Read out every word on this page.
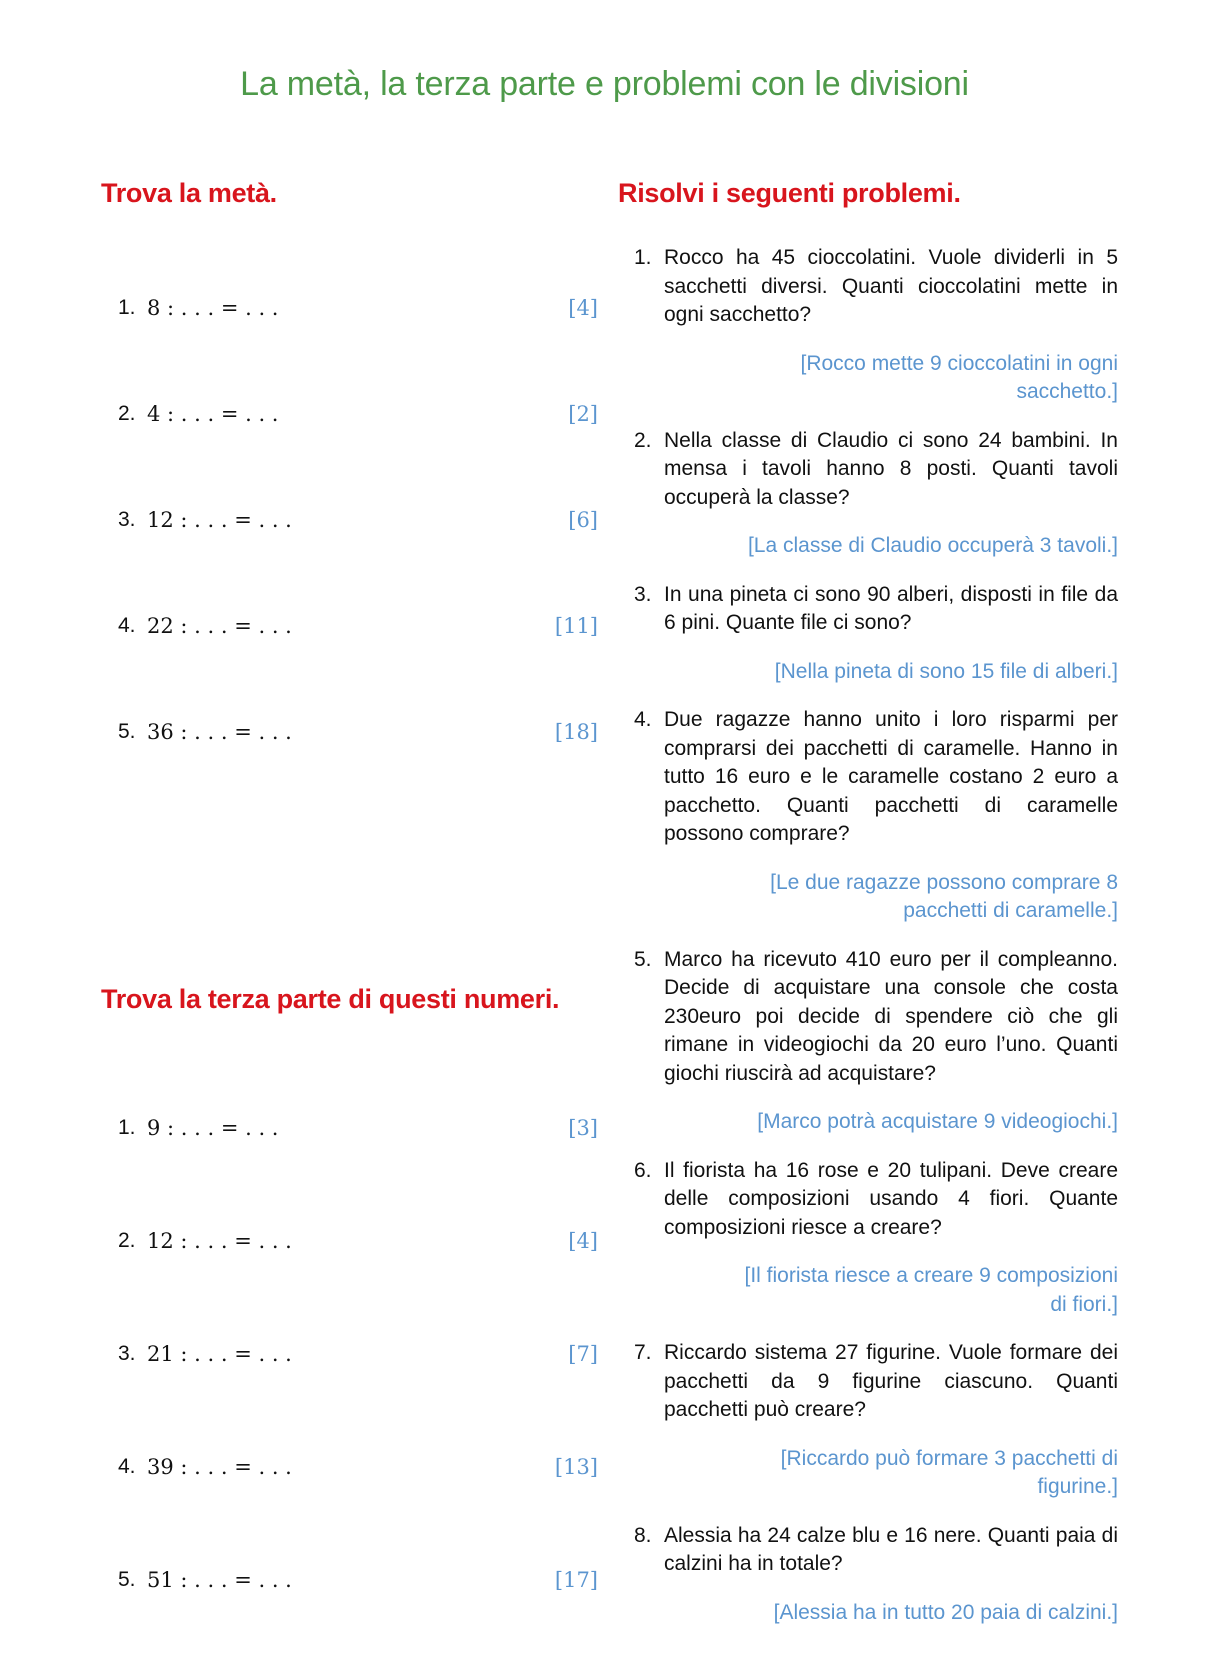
La metà, la terza parte e problemi con le divisioni
Trova la metà.
1. 8 : . . . = . . .	[4]
2. 4 : . . . = . . .	[2]
3. 12 : . . . = . . .	[6]
4. 22 : . . . = . . .	[11]
5. 36 : . . . = . . .	[18]
Trova la terza parte di questi numeri.
1. 9 : . . . = . . .	[3]
2. 12 : . . . = . . .	[4]
3. 21 : . . . = . . .	[7]
4. 39 : . . . = . . .	[13]
5. 51 : . . . = . . .	[17]
Risolvi i seguenti problemi.
1. Rocco ha 45 cioccolatini. Vuole dividerli in 5 sacchetti diversi. Quanti cioccolatini mette in ogni sacchetto?

[Rocco mette 9 cioccolatini in ogni sacchetto.]
2. Nella classe di Claudio ci sono 24 bambini. In mensa i tavoli hanno 8 posti. Quanti tavoli occuperà la classe?

[La classe di Claudio occuperà 3 tavoli.]
3. In una pineta ci sono 90 alberi, disposti in file da 6 pini. Quante file ci sono?

[Nella pineta di sono 15 file di alberi.]
4. Due ragazze hanno unito i loro risparmi per comprarsi dei pacchetti di caramelle. Hanno in tutto 16 euro e le caramelle costano 2 euro a pacchetto. Quanti pacchetti di caramelle possono comprare?

[Le due ragazze possono comprare 8 pacchetti di caramelle.]
5. Marco ha ricevuto 410 euro per il compleanno. Decide di acquistare una console che costa 230euro poi decide di spendere ciò che gli rimane in videogiochi da 20 euro l’uno. Quanti giochi riuscirà ad acquistare?

[Marco potrà acquistare 9 videogiochi.]
6. Il fiorista ha 16 rose e 20 tulipani. Deve creare delle composizioni usando 4 fiori. Quante composizioni riesce a creare?

[Il fiorista riesce a creare 9 composizioni di fiori.]
7. Riccardo sistema 27 figurine. Vuole formare dei pacchetti da 9 figurine ciascuno. Quanti pacchetti può creare?

[Riccardo può formare 3 pacchetti di figurine.]
8. Alessia ha 24 calze blu e 16 nere. Quanti paia di calzini ha in totale?

[Alessia ha in tutto 20 paia di calzini.]
